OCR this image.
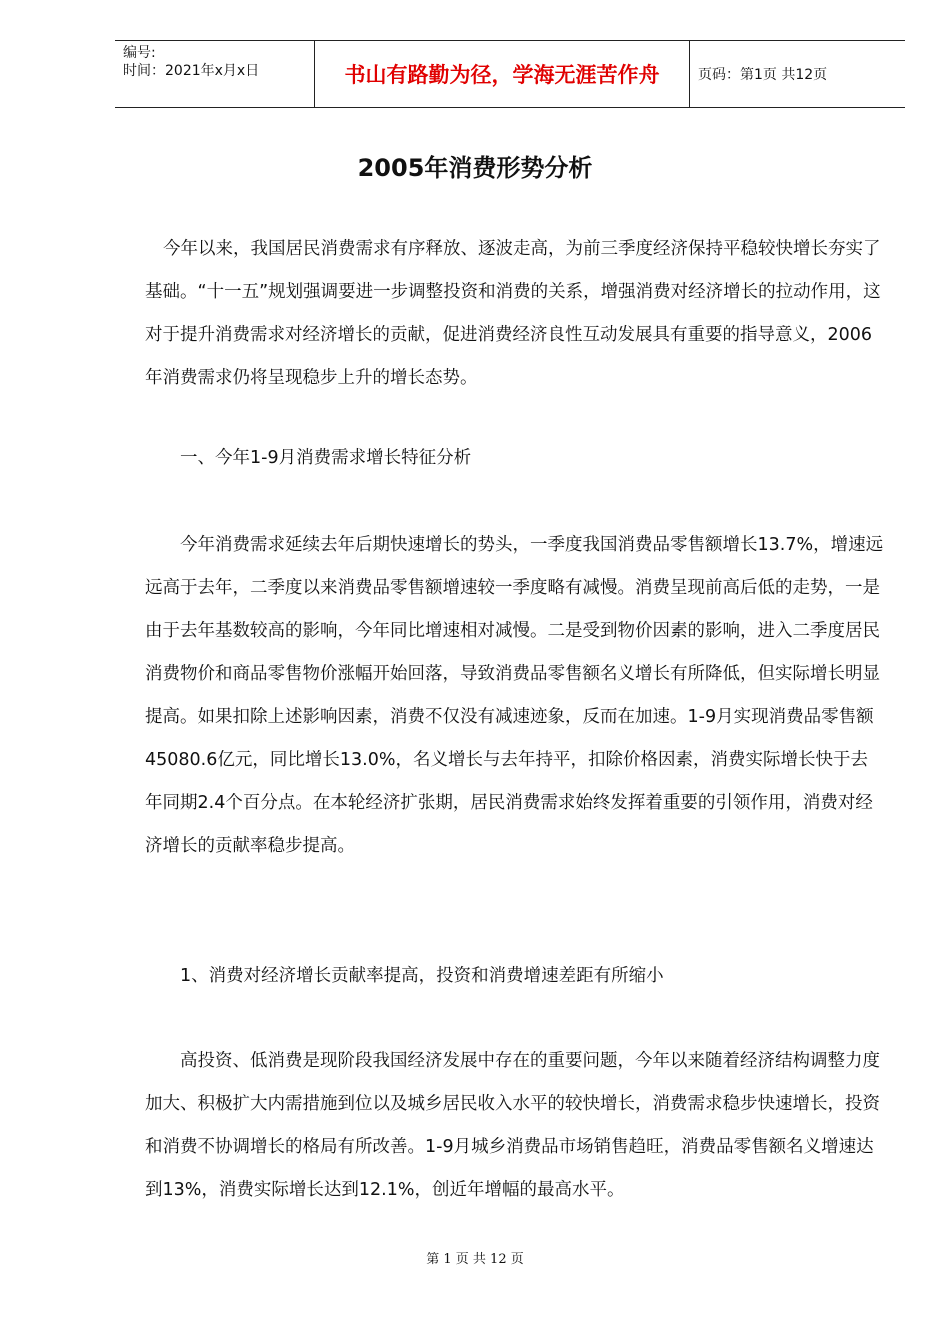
编号:
时间：2021年x月x日	书山有路勤为径，学海无涯苦作舟	页码：第1页 共12页
2005年消费形势分析

今年以来，我国居民消费需求有序释放、逐波走高，为前三季度经济保持平稳较快增长夯实了基础。“十一五”规划强调要进一步调整投资和消费的关系，增强消费对经济增长的拉动作用，这对于提升消费需求对经济增长的贡献，促进消费经济良性互动发展具有重要的指导意义，2006年消费需求仍将呈现稳步上升的增长态势。

一、今年1-9月消费需求增长特征分析

今年消费需求延续去年后期快速增长的势头，一季度我国消费品零售额增长13.7%，增速远远高于去年，二季度以来消费品零售额增速较一季度略有减慢。消费呈现前高后低的走势，一是由于去年基数较高的影响，今年同比增速相对减慢。二是受到物价因素的影响，进入二季度居民消费物价和商品零售物价涨幅开始回落，导致消费品零售额名义增长有所降低，但实际增长明显提高。如果扣除上述影响因素，消费不仅没有减速迹象，反而在加速。1-9月实现消费品零售额45080.6亿元，同比增长13.0%，名义增长与去年持平，扣除价格因素，消费实际增长快于去年同期2.4个百分点。在本轮经济扩张期，居民消费需求始终发挥着重要的引领作用，消费对经济增长的贡献率稳步提高。

1、消费对经济增长贡献率提高，投资和消费增速差距有所缩小

高投资、低消费是现阶段我国经济发展中存在的重要问题，今年以来随着经济结构调整力度加大、积极扩大内需措施到位以及城乡居民收入水平的较快增长，消费需求稳步快速增长，投资和消费不协调增长的格局有所改善。1-9月城乡消费品市场销售趋旺，消费品零售额名义增速达到13%，消费实际增长达到12.1%，创近年增幅的最高水平。

第 1 页 共 12 页
